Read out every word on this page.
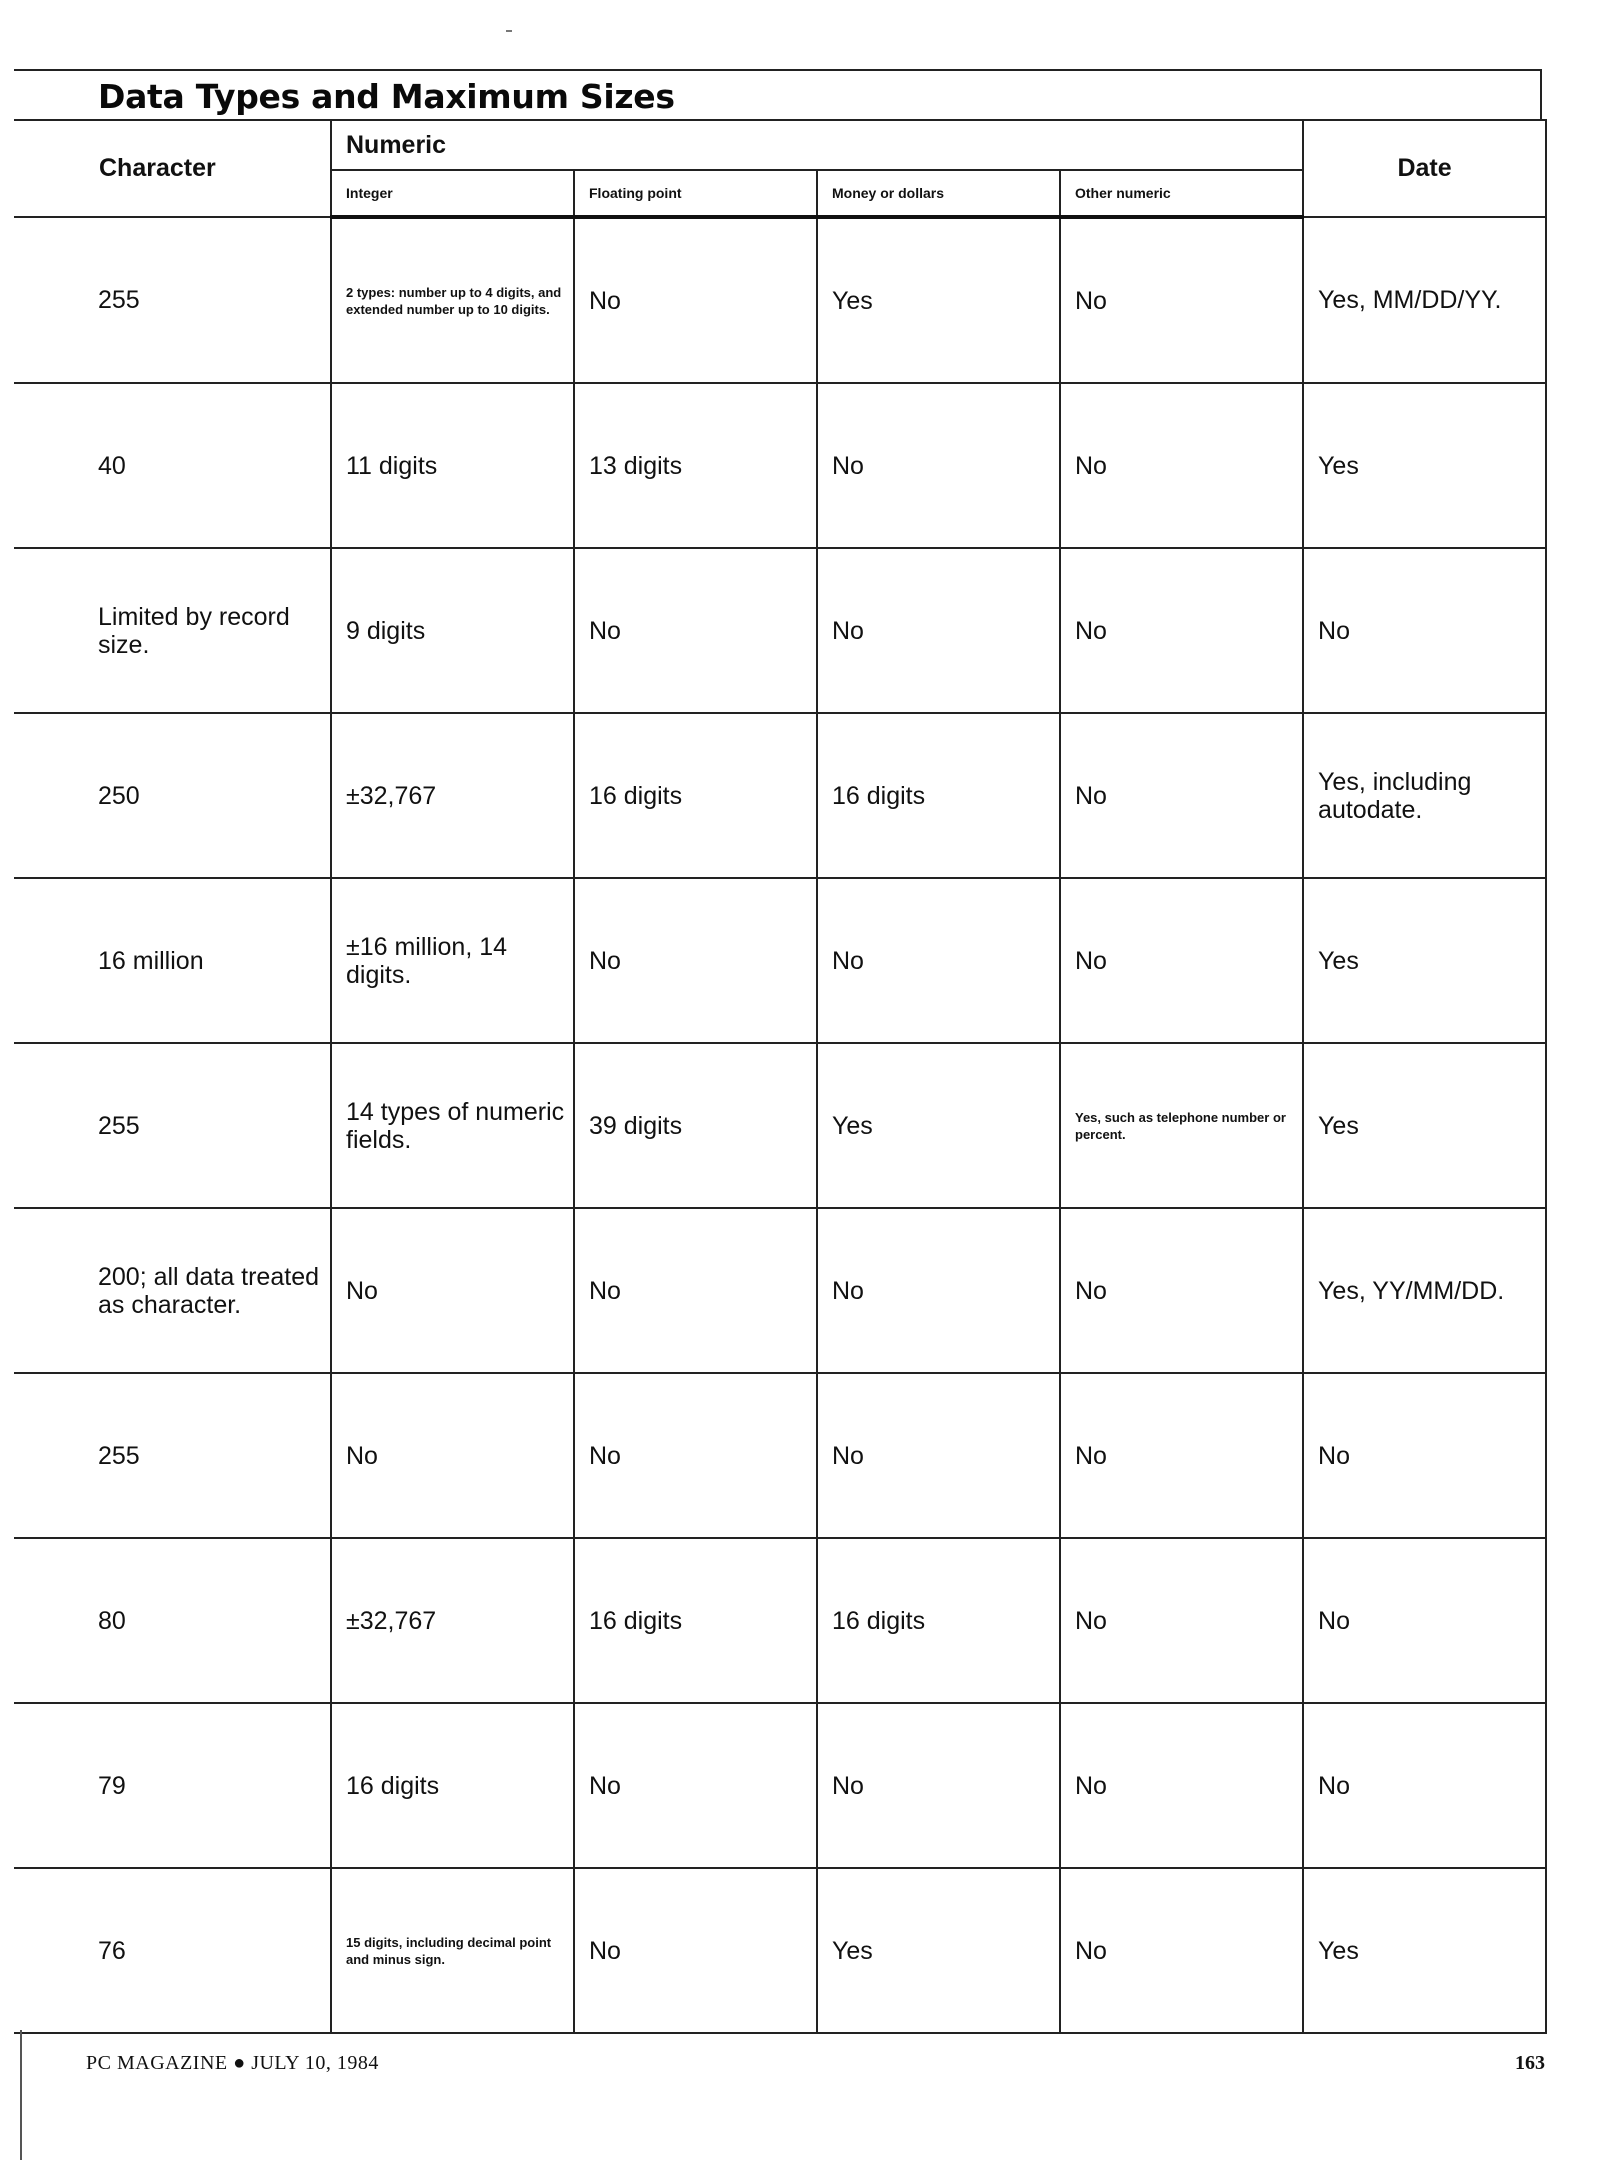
Data Types and Maximum Sizes
Character	Numeric				Date
	Integer	Floating point	Money or dollars	Other numeric	
255	2 types: number up to 4 digits, and extended number up to 10 digits.	No	Yes	No	Yes, MM/DD/YY.
40	11 digits	13 digits	No	No	Yes
Limited by record size.	9 digits	No	No	No	No
250	±32,767	16 digits	16 digits	No	Yes, including autodate.
16 million	±16 million, 14 digits.	No	No	No	Yes
255	14 types of numeric fields.	39 digits	Yes	Yes, such as telephone number or percent.	Yes
200; all data treated as character.	No	No	No	No	Yes, YY/MM/DD.
255	No	No	No	No	No
80	±32,767	16 digits	16 digits	No	No
79	16 digits	No	No	No	No
76	15 digits, including decimal point and minus sign.	No	Yes	No	Yes
PC MAGAZINE ● JULY 10, 1984	163
